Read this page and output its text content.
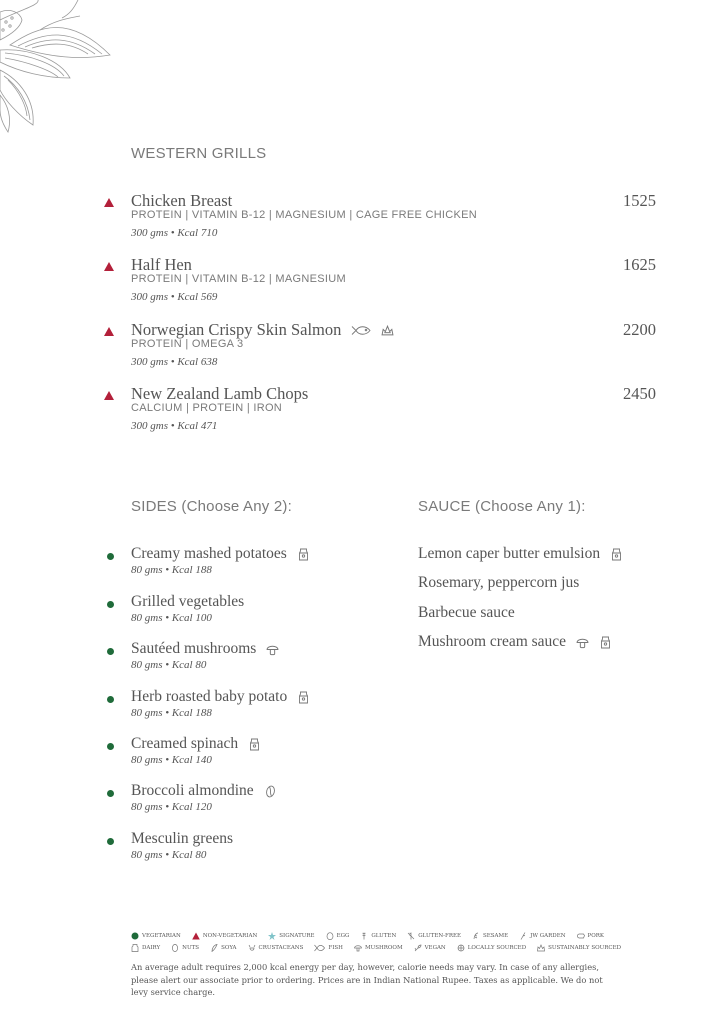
WESTERN GRILLS
Chicken Breast	1525
PROTEIN | VITAMIN B-12 | MAGNESIUM | CAGE FREE CHICKEN
300 gms • Kcal 710
Half Hen	1625
PROTEIN | VITAMIN B-12 | MAGNESIUM
300 gms • Kcal 569
Norwegian Crispy Skin Salmon	2200
PROTEIN | OMEGA 3
300 gms • Kcal 638
New Zealand Lamb Chops	2450
CALCIUM | PROTEIN | IRON
300 gms • Kcal 471
SIDES (Choose Any 2):
Creamy mashed potatoes
80 gms • Kcal 188
Grilled vegetables
80 gms • Kcal 100
Sautéed mushrooms
80 gms • Kcal 80
Herb roasted baby potato
80 gms • Kcal 188
Creamed spinach
80 gms • Kcal 140
Broccoli almondine
80 gms • Kcal 120
Mesculin greens
80 gms • Kcal 80
SAUCE (Choose Any 1):
Lemon caper butter emulsion
Rosemary, peppercorn jus
Barbecue sauce
Mushroom cream sauce
VEGETARIAN	NON-VEGETARIAN	SIGNATURE	EGG	GLUTEN	GLUTEN-FREE	SESAME	JW GARDEN	PORK
DAIRY	NUTS	SOYA	CRUSTACEANS	FISH	MUSHROOM	VEGAN	LOCALLY SOURCED	SUSTAINABLY SOURCED
An average adult requires 2,000 kcal energy per day, however, calorie needs may vary. In case of any allergies, please alert our associate prior to ordering. Prices are in Indian National Rupee. Taxes as applicable. We do not levy service charge.
